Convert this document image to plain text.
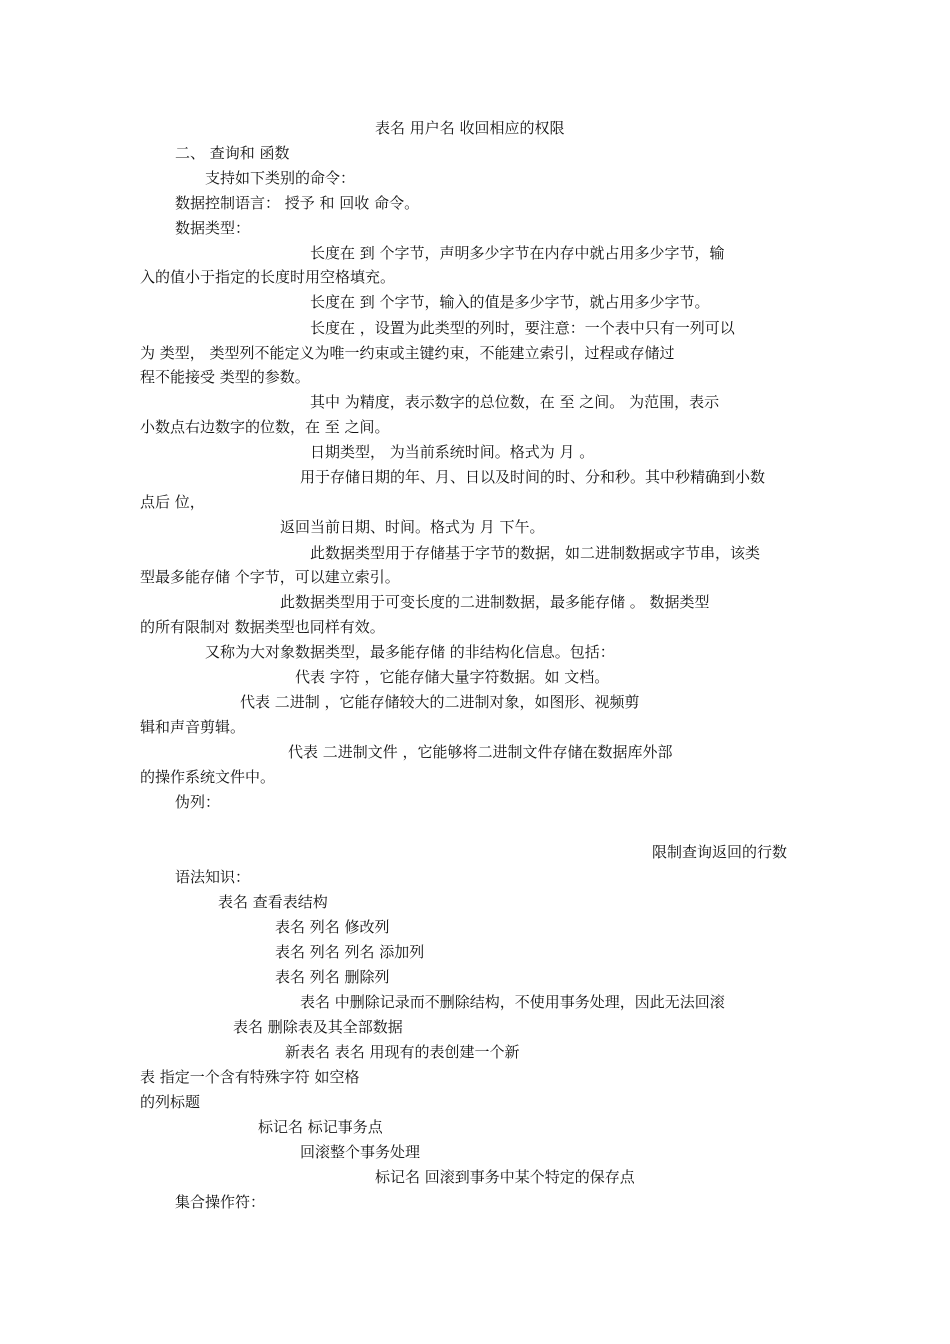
表名 用户名 收回相应的权限

二、 查询和 函数

支持如下类别的命令：

数据控制语言： 授予 和 回收 命令。

数据类型：

长度在 到 个字节，声明多少字节在内存中就占用多少字节，输

入的值小于指定的长度时用空格填充。

长度在 到 个字节，输入的值是多少字节，就占用多少字节。

长度在 ，设置为此类型的列时，要注意：一个表中只有一列可以

为 类型， 类型列不能定义为唯一约束或主键约束，不能建立索引，过程或存储过

程不能接受 类型的参数。

其中 为精度，表示数字的总位数，在 至 之间。 为范围，表示

小数点右边数字的位数，在 至 之间。

日期类型， 为当前系统时间。格式为 月 。

用于存储日期的年、月、日以及时间的时、分和秒。其中秒精确到小数

点后 位，

返回当前日期、时间。格式为 月 下午。

此数据类型用于存储基于字节的数据，如二进制数据或字节串，该类

型最多能存储 个字节，可以建立索引。

此数据类型用于可变长度的二进制数据，最多能存储 。 数据类型

的所有限制对 数据类型也同样有效。

又称为大对象数据类型，最多能存储 的非结构化信息。包括：

代表 字符 ，它能存储大量字符数据。如 文档。

代表 二进制 ，它能存储较大的二进制对象，如图形、视频剪

辑和声音剪辑。

代表 二进制文件 ，它能够将二进制文件存储在数据库外部

的操作系统文件中。

伪列：

限制查询返回的行数

语法知识：

表名 查看表结构

表名 列名 修改列

表名 列名 列名 添加列

表名 列名 删除列

表名 中删除记录而不删除结构，不使用事务处理，因此无法回滚

表名 删除表及其全部数据

新表名 表名 用现有的表创建一个新

表 指定一个含有特殊字符 如空格

的列标题

标记名 标记事务点

回滚整个事务处理

标记名 回滚到事务中某个特定的保存点

集合操作符：
